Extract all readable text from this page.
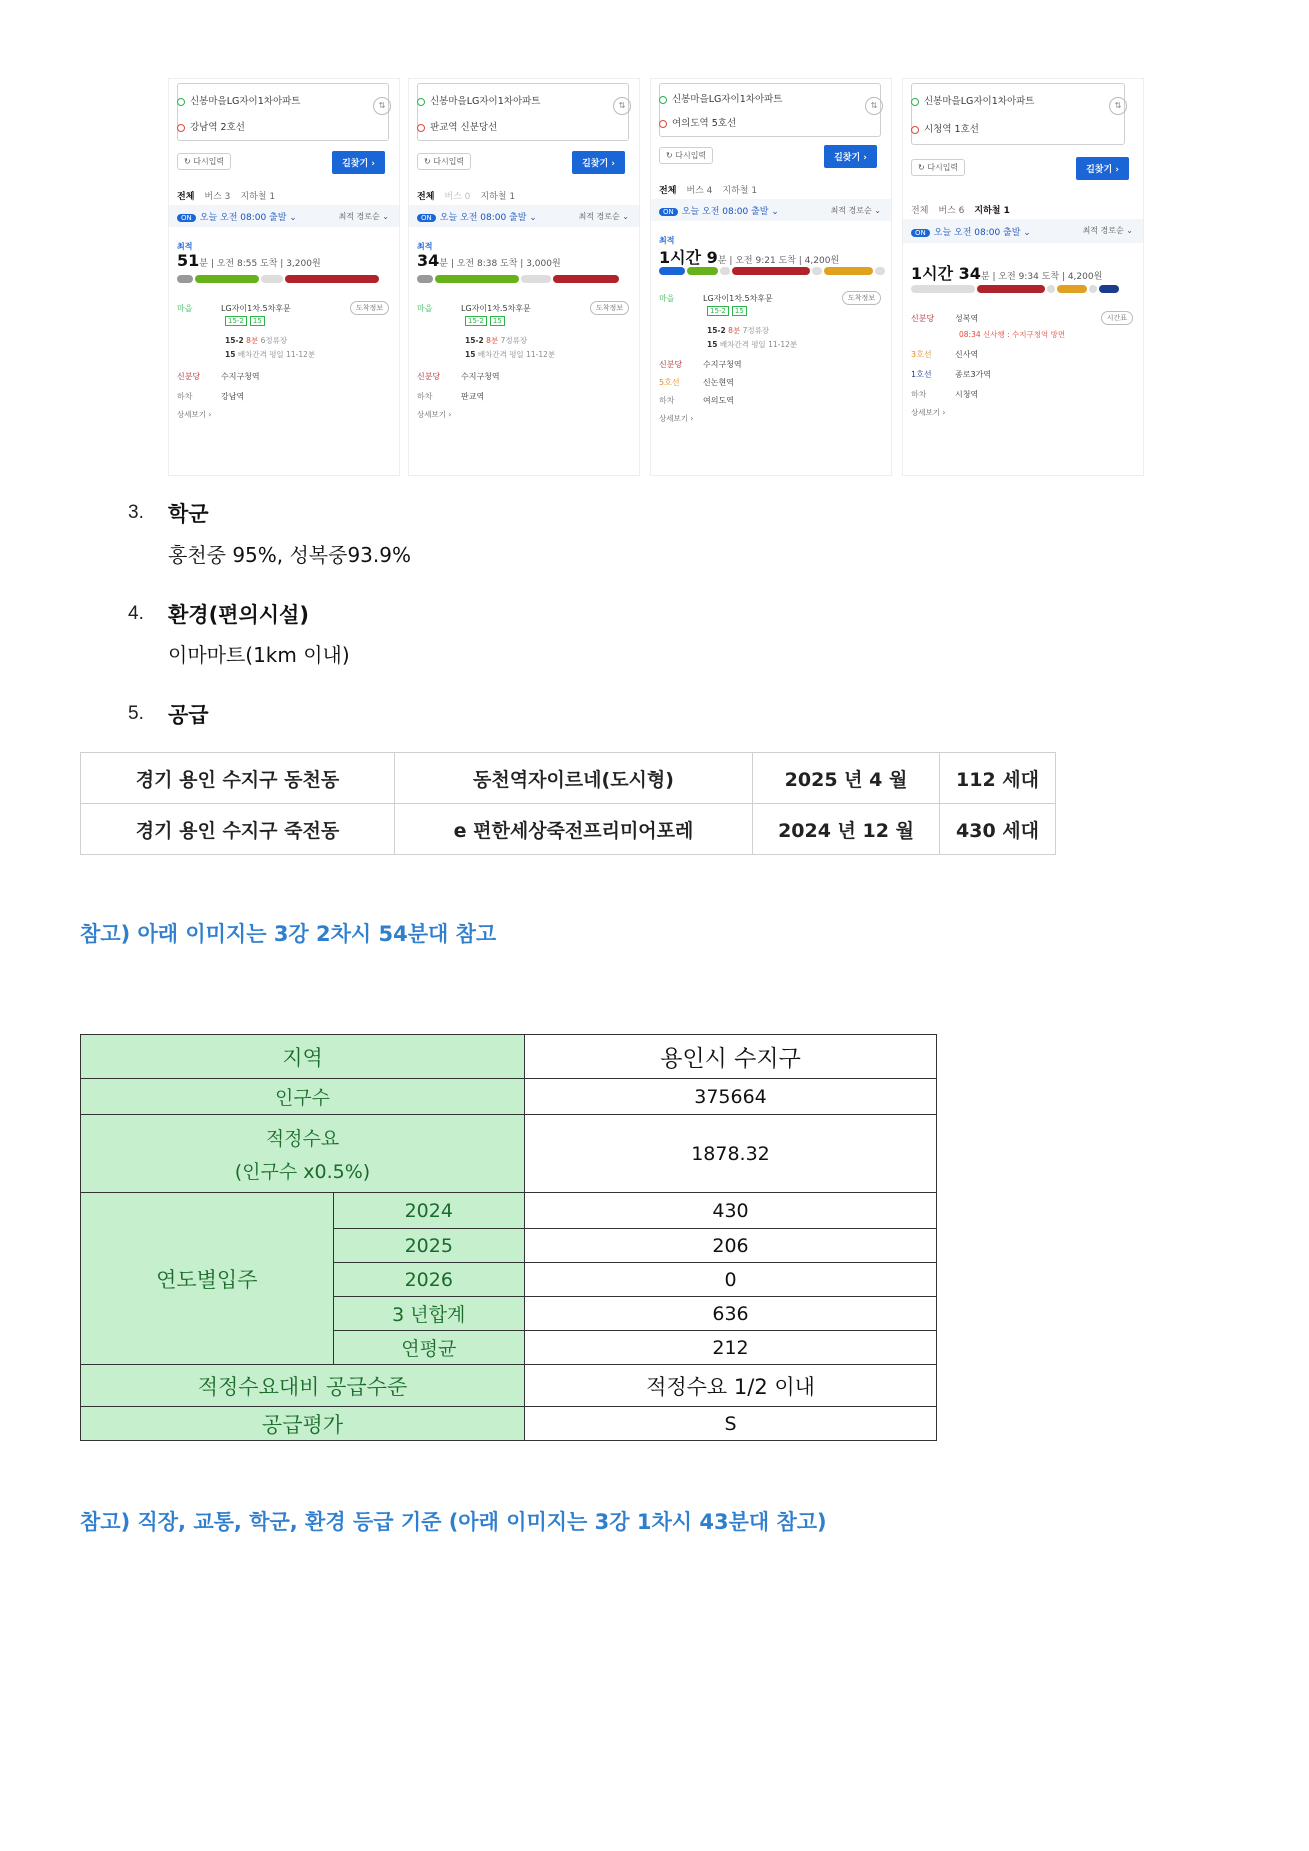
신봉마을LG자이1차아파트
강남역 2호선
⇅
↻ 다시입력	길찾기 ›
전체 버스 3 지하철 1
ON 오늘 오전 08:00 출발 ⌄	최적 경로순 ⌄
최적
51분 | 오전 8:55 도착 | 3,200원
마을	LG자이1차.5차후문	도착정보
15-2 15
15-2 8분 6정류장
15 배차간격 평일 11-12분
신분당	수지구청역
하차	강남역
상세보기 ›
신봉마을LG자이1차아파트
판교역 신분당선
⇅
↻ 다시입력	길찾기 ›
전체 버스 0 지하철 1
ON 오늘 오전 08:00 출발 ⌄	최적 경로순 ⌄
최적
34분 | 오전 8:38 도착 | 3,000원
마을	LG자이1차.5차후문	도착정보
15-2 15
15-2 8분 7정류장
15 배차간격 평일 11-12분
신분당	수지구청역
하차	판교역
상세보기 ›
신봉마을LG자이1차아파트
여의도역 5호선
⇅
↻ 다시입력	길찾기 ›
전체 버스 4 지하철 1
ON 오늘 오전 08:00 출발 ⌄	최적 경로순 ⌄
최적
1시간 9분 | 오전 9:21 도착 | 4,200원
마을	LG자이1차.5차후문	도착정보
15-2 15
15-2 8분 7정류장
15 배차간격 평일 11-12분
신분당	수지구청역
5호선	신논현역
하차	여의도역
상세보기 ›
신봉마을LG자이1차아파트
시청역 1호선
⇅
↻ 다시입력	길찾기 ›
전체 버스 6 지하철 1
ON 오늘 오전 08:00 출발 ⌄	최적 경로순 ⌄
1시간 34분 | 오전 9:34 도착 | 4,200원
신분당	성복역	시간표
08:34 신사행 : 수지구청역 방면
3호선	신사역
1호선	종로3가역
하차	시청역
상세보기 ›
3. 학군
홍천중 95%, 성복중93.9%
4. 환경(편의시설)
이마마트(1km 이내)
5. 공급
경기 용인 수지구 동천동	동천역자이르네(도시형)	2025 년 4 월	112 세대
경기 용인 수지구 죽전동	e 편한세상죽전프리미어포레	2024 년 12 월	430 세대
참고) 아래 이미지는 3강 2차시 54분대 참고
지역		용인시 수지구
인구수		375664

적정수요
(인구수 x0.5%)		1878.32
연도별입주	2024	430
	2025	206
	2026	0
	3 년합계	636
	연평균	212
적정수요대비 공급수준		적정수요 1/2 이내
공급평가		S
참고) 직장, 교통, 학군, 환경 등급 기준 (아래 이미지는 3강 1차시 43분대 참고)
